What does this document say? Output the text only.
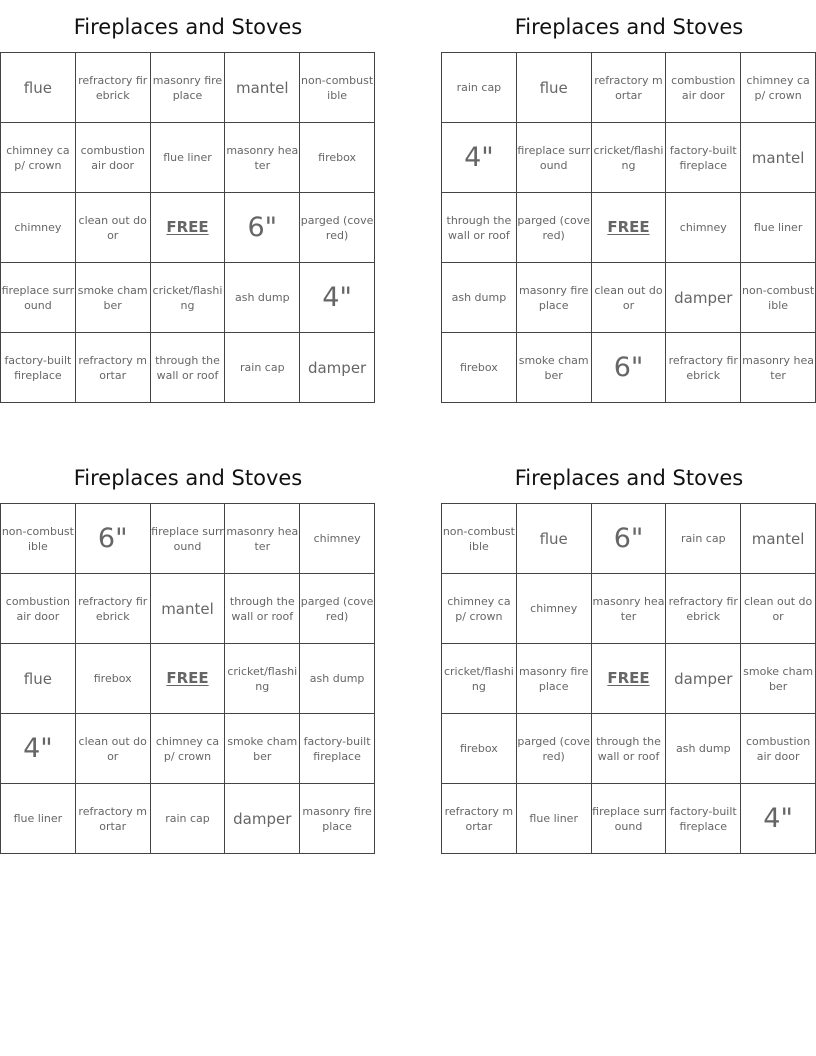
Fireplaces and Stoves
flue	refractory firebrick	masonry fireplace	mantel	non-combustible
chimney cap/ crown	combustion air door	flue liner	masonry heater	firebox
chimney	clean out door	FREE	6"	parged (covered)
fireplace surround	smoke chamber	cricket/flashing	ash dump	4"
factory-built fireplace	refractory mortar	through the wall or roof	rain cap	damper
Fireplaces and Stoves
rain cap	flue	refractory mortar	combustion air door	chimney cap/ crown
4"	fireplace surround	cricket/flashing	factory-built fireplace	mantel
through the wall or roof	parged (covered)	FREE	chimney	flue liner
ash dump	masonry fireplace	clean out door	damper	non-combustible
firebox	smoke chamber	6"	refractory firebrick	masonry heater
Fireplaces and Stoves
non-combustible	6"	fireplace surround	masonry heater	chimney
combustion air door	refractory firebrick	mantel	through the wall or roof	parged (covered)
flue	firebox	FREE	cricket/flashing	ash dump
4"	clean out door	chimney cap/ crown	smoke chamber	factory-built fireplace
flue liner	refractory mortar	rain cap	damper	masonry fireplace
Fireplaces and Stoves
non-combustible	flue	6"	rain cap	mantel
chimney cap/ crown	chimney	masonry heater	refractory firebrick	clean out door
cricket/flashing	masonry fireplace	FREE	damper	smoke chamber
firebox	parged (covered)	through the wall or roof	ash dump	combustion air door
refractory mortar	flue liner	fireplace surround	factory-built fireplace	4"
